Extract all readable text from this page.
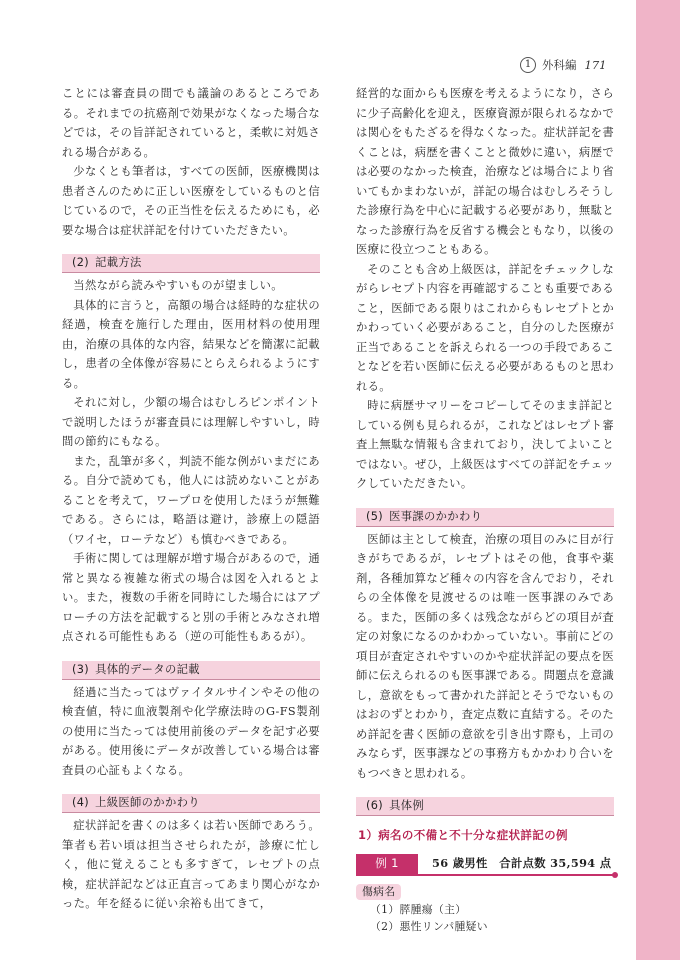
1 外科編 171

ことには審査員の間でも議論のあるところである。それまでの抗癌剤で効果がなくなった場合などでは，その旨詳記されていると，柔軟に対処される場合がある。

少なくとも筆者は，すべての医師，医療機関は患者さんのために正しい医療をしているものと信じているので，その正当性を伝えるためにも，必要な場合は症状詳記を付けていただきたい。

(2) 記載方法

当然ながら読みやすいものが望ましい。

具体的に言うと，高額の場合は経時的な症状の経過，検査を施行した理由，医用材料の使用理由，治療の具体的な内容，結果などを簡潔に記載し，患者の全体像が容易にとらえられるようにする。

それに対し，少額の場合はむしろピンポイントで説明したほうが審査員には理解しやすいし，時間の節約にもなる。

また，乱筆が多く，判読不能な例がいまだにある。自分で読めても，他人には読めないことがあることを考えて，ワープロを使用したほうが無難である。さらには，略語は避け，診療上の隠語（ワイセ，ローテなど）も慎むべきである。

手術に関しては理解が増す場合があるので，通常と異なる複雑な術式の場合は図を入れるとよい。また，複数の手術を同時にした場合にはアプローチの方法を記載すると別の手術とみなされ増点される可能性もある（逆の可能性もあるが）。

(3) 具体的データの記載

経過に当たってはヴァイタルサインやその他の検査値，特に血液製剤や化学療法時のG-FS製剤の使用に当たっては使用前後のデータを記す必要がある。使用後にデータが改善している場合は審査員の心証もよくなる。

(4) 上級医師のかかわり

症状詳記を書くのは多くは若い医師であろう。筆者も若い頃は担当させられたが，診療に忙しく，他に覚えることも多すぎて，レセプトの点検，症状詳記などは正直言ってあまり関心がなかった。年を経るに従い余裕も出てきて，

経営的な面からも医療を考えるようになり，さらに少子高齢化を迎え，医療資源が限られるなかでは関心をもたざるを得なくなった。症状詳記を書くことは，病歴を書くことと微妙に違い，病歴では必要のなかった検査，治療などは場合により省いてもかまわないが，詳記の場合はむしろそうした診療行為を中心に記載する必要があり，無駄となった診療行為を反省する機会ともなり，以後の医療に役立つこともある。

そのことも含め上級医は，詳記をチェックしながらレセプト内容を再確認することも重要であること，医師である限りはこれからもレセプトとかかわっていく必要があること，自分のした医療が正当であることを訴えられる一つの手段であることなどを若い医師に伝える必要があるものと思われる。

時に病歴サマリーをコピーしてそのまま詳記としている例も見られるが，これなどはレセプト審査上無駄な情報も含まれており，決してよいことではない。ぜひ，上級医はすべての詳記をチェックしていただきたい。

(5) 医事課のかかわり

医師は主として検査，治療の項目のみに目が行きがちであるが，レセプトはその他，食事や薬剤，各種加算など種々の内容を含んでおり，それらの全体像を見渡せるのは唯一医事課のみである。また，医師の多くは残念ながらどの項目が査定の対象になるのかわかっていない。事前にどの項目が査定されやすいのかや症状詳記の要点を医師に伝えられるのも医事課である。問題点を意識し，意欲をもって書かれた詳記とそうでないものはおのずとわかり，査定点数に直結する。そのため詳記を書く医師の意欲を引き出す際も，上司のみならず，医事課などの事務方もかかわり合いをもつべきと思われる。

(6) 具体例
1）病名の不備と不十分な症状詳記の例
例 1	56 歳男性　合計点数 35,594 点
傷病名
（1）膵腫瘍（主）
（2）悪性リンパ腫疑い
